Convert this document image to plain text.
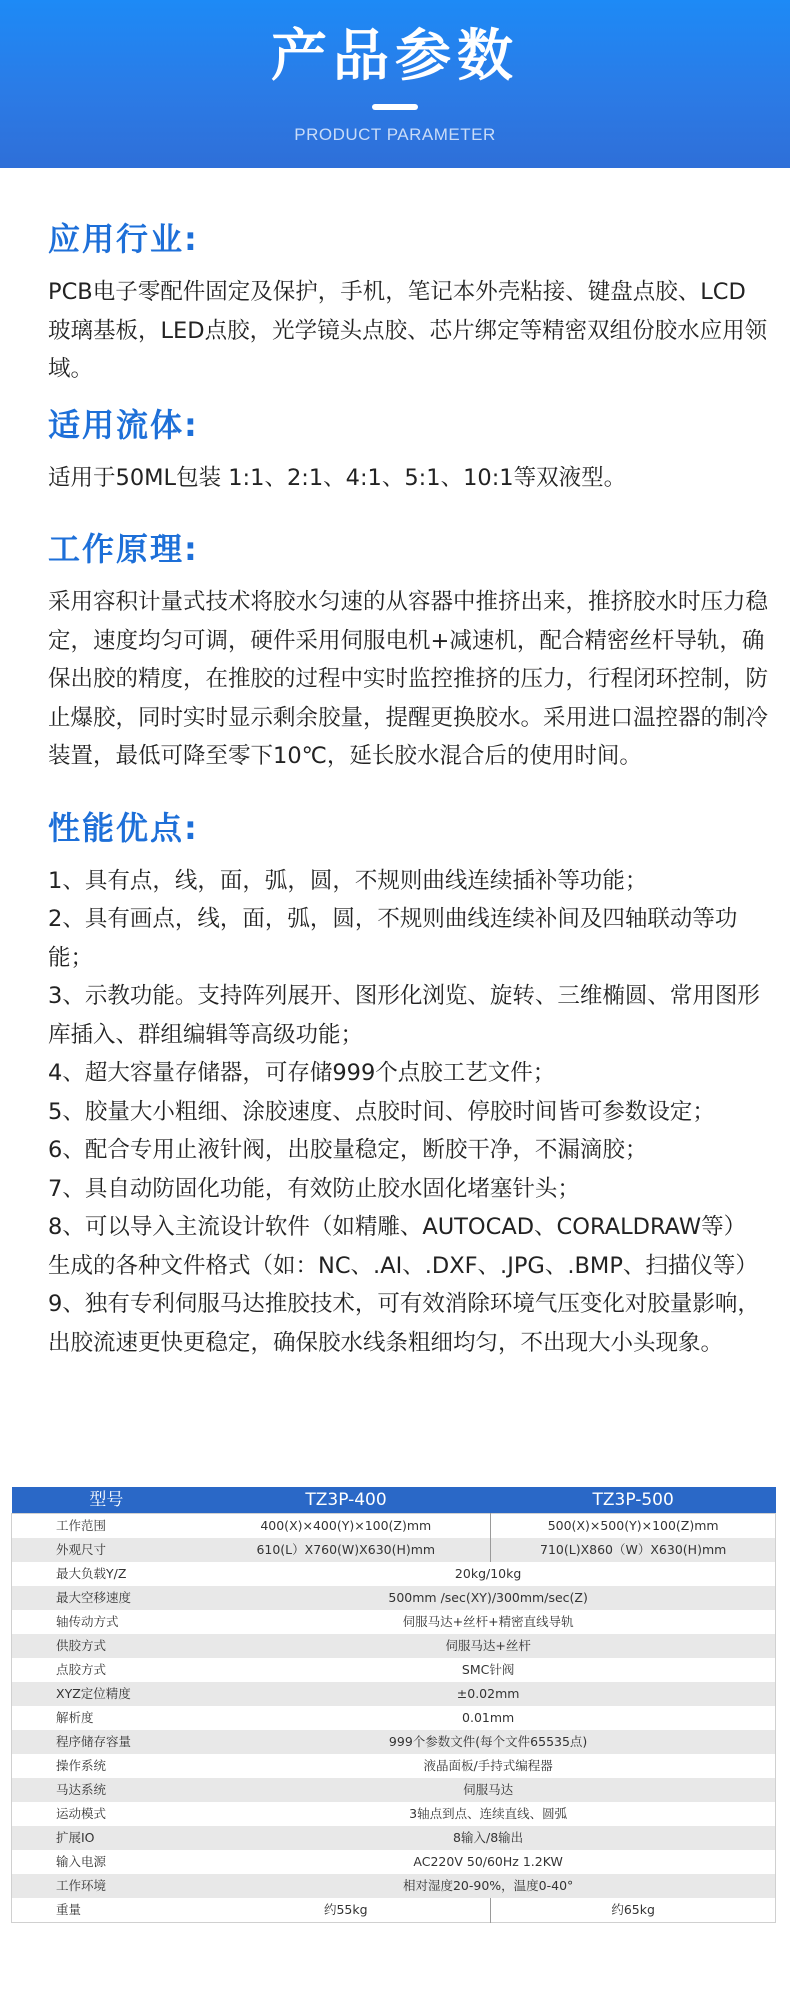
产品参数
PRODUCT PARAMETER
应用行业:
PCB电子零配件固定及保护，手机，笔记本外壳粘接、键盘点胶、LCD玻璃基板，LED点胶，光学镜头点胶、芯片绑定等精密双组份胶水应用领域。
适用流体:
适用于50ML包装 1:1、2:1、4:1、5:1、10:1等双液型。
工作原理:
采用容积计量式技术将胶水匀速的从容器中推挤出来，推挤胶水时压力稳定，速度均匀可调，硬件采用伺服电机+减速机，配合精密丝杆导轨，确保出胶的精度，在推胶的过程中实时监控推挤的压力，行程闭环控制，防止爆胶，同时实时显示剩余胶量，提醒更换胶水。采用进口温控器的制冷装置，最低可降至零下10℃，延长胶水混合后的使用时间。
性能优点:
1、具有点，线，面，弧，圆，不规则曲线连续插补等功能；
2、具有画点，线，面，弧，圆，不规则曲线连续补间及四轴联动等功能；
3、示教功能。支持阵列展开、图形化浏览、旋转、三维椭圆、常用图形库插入、群组编辑等高级功能；
4、超大容量存储器，可存储999个点胶工艺文件；
5、胶量大小粗细、涂胶速度、点胶时间、停胶时间皆可参数设定；
6、配合专用止液针阀，出胶量稳定，断胶干净，不漏滴胶；
7、具自动防固化功能，有效防止胶水固化堵塞针头；
8、可以导入主流设计软件（如精雕、AUTOCAD、CORALDRAW等）生成的各种文件格式（如：NC、.AI、.DXF、.JPG、.BMP、扫描仪等）
9、独有专利伺服马达推胶技术，可有效消除环境气压变化对胶量影响，出胶流速更快更稳定，确保胶水线条粗细均匀，不出现大小头现象。
型号	TZ3P-400	TZ3P-500
工作范围	400(X)×400(Y)×100(Z)mm	500(X)×500(Y)×100(Z)mm
外观尺寸	610(L）X760(W)X630(H)mm	710(L)X860（W）X630(H)mm
最大负载Y/Z	20kg/10kg	
最大空移速度	500mm /sec(XY)/300mm/sec(Z)	
轴传动方式	伺服马达+丝杆+精密直线导轨	
供胶方式	伺服马达+丝杆	
点胶方式	SMC针阀	
XYZ定位精度	±0.02mm	
解析度	0.01mm	
程序储存容量	999个参数文件(每个文件65535点)	
操作系统	液晶面板/手持式编程器	
马达系统	伺服马达	
运动模式	3轴点到点、连续直线、圆弧	
扩展IO	8输入/8输出	
输入电源	AC220V 50/60Hz 1.2KW	
工作环境	相对湿度20-90%，温度0-40°	
重量	约55kg	约65kg
